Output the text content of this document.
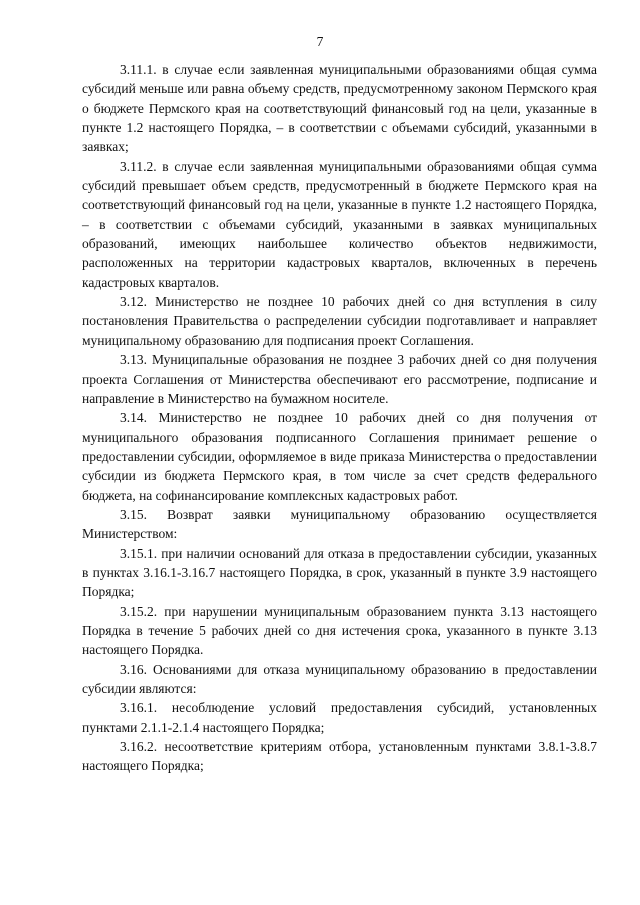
7

3.11.1. в случае если заявленная муниципальными образованиями общая сумма субсидий меньше или равна объему средств, предусмотренному законом Пермского края о бюджете Пермского края на соответствующий финансовый год на цели, указанные в пункте 1.2 настоящего Порядка, – в соответствии с объемами субсидий, указанными в заявках;

3.11.2. в случае если заявленная муниципальными образованиями общая сумма субсидий превышает объем средств, предусмотренный в бюджете Пермского края на соответствующий финансовый год на цели, указанные в пункте 1.2 настоящего Порядка, – в соответствии с объемами субсидий, указанными в заявках муниципальных образований, имеющих наибольшее количество объектов недвижимости, расположенных на территории кадастровых кварталов, включенных в перечень кадастровых кварталов.

3.12. Министерство не позднее 10 рабочих дней со дня вступления в силу постановления Правительства о распределении субсидии подготавливает и направляет муниципальному образованию для подписания проект Соглашения.

3.13. Муниципальные образования не позднее 3 рабочих дней со дня получения проекта Соглашения от Министерства обеспечивают его рассмотрение, подписание и направление в Министерство на бумажном носителе.

3.14. Министерство не позднее 10 рабочих дней со дня получения от муниципального образования подписанного Соглашения принимает решение о предоставлении субсидии, оформляемое в виде приказа Министерства о предоставлении субсидии из бюджета Пермского края, в том числе за счет средств федерального бюджета, на софинансирование комплексных кадастровых работ.

3.15. Возврат заявки муниципальному образованию осуществляется Министерством:

3.15.1. при наличии оснований для отказа в предоставлении субсидии, указанных в пунктах 3.16.1-3.16.7 настоящего Порядка, в срок, указанный в пункте 3.9 настоящего Порядка;

3.15.2. при нарушении муниципальным образованием пункта 3.13 настоящего Порядка в течение 5 рабочих дней со дня истечения срока, указанного в пункте 3.13 настоящего Порядка.

3.16. Основаниями для отказа муниципальному образованию в предоставлении субсидии являются:

3.16.1. несоблюдение условий предоставления субсидий, установленных пунктами 2.1.1-2.1.4 настоящего Порядка;

3.16.2. несоответствие критериям отбора, установленным пунктами 3.8.1-3.8.7 настоящего Порядка;
